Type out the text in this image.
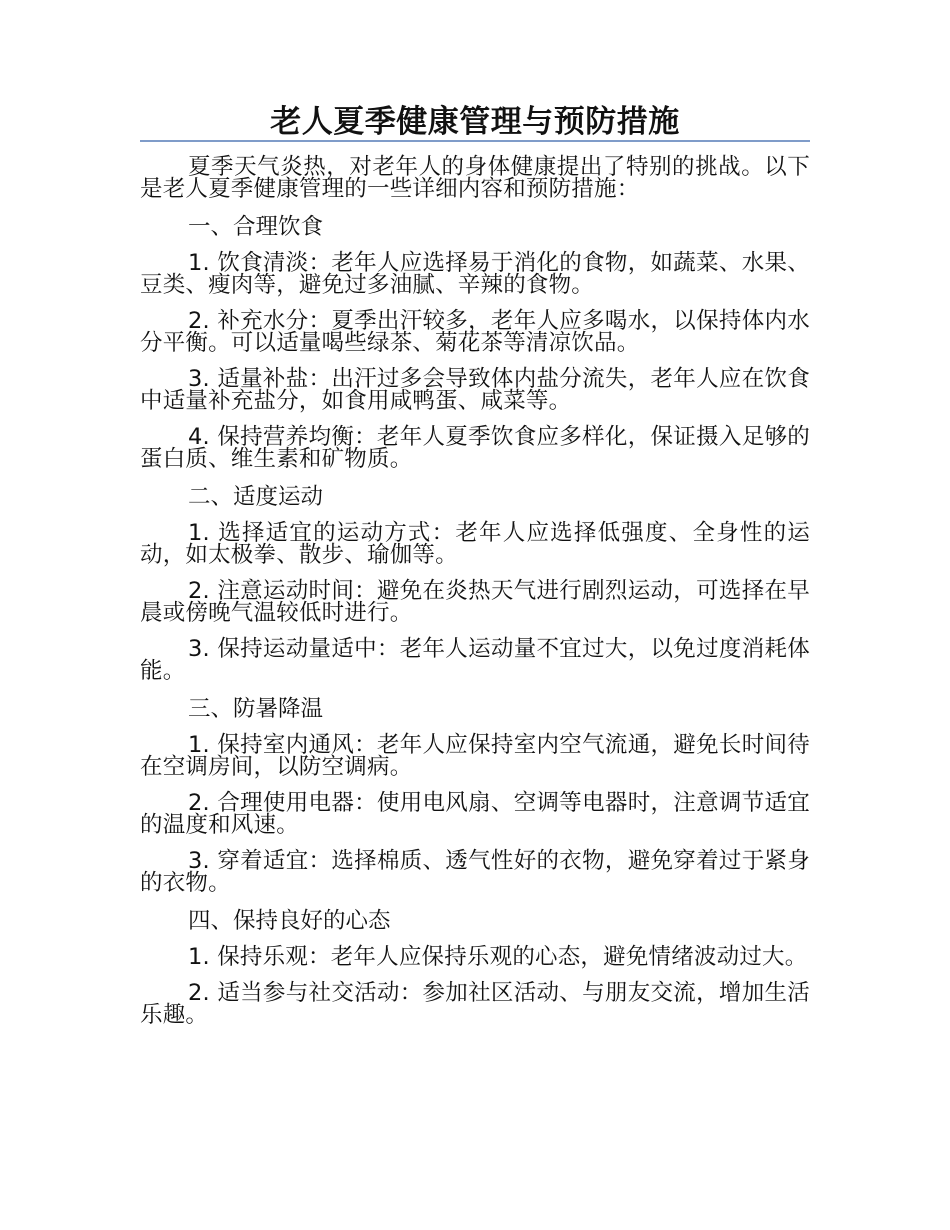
老人夏季健康管理与预防措施

夏季天气炎热，对老年人的身体健康提出了特别的挑战。以下是老人夏季健康管理的一些详细内容和预防措施：

一、合理饮食

1. 饮食清淡：老年人应选择易于消化的食物，如蔬菜、水果、豆类、瘦肉等，避免过多油腻、辛辣的食物。

2. 补充水分：夏季出汗较多，老年人应多喝水，以保持体内水分平衡。可以适量喝些绿茶、菊花茶等清凉饮品。

3. 适量补盐：出汗过多会导致体内盐分流失，老年人应在饮食中适量补充盐分，如食用咸鸭蛋、咸菜等。

4. 保持营养均衡：老年人夏季饮食应多样化，保证摄入足够的蛋白质、维生素和矿物质。

二、适度运动

1. 选择适宜的运动方式：老年人应选择低强度、全身性的运动，如太极拳、散步、瑜伽等。

2. 注意运动时间：避免在炎热天气进行剧烈运动，可选择在早晨或傍晚气温较低时进行。

3. 保持运动量适中：老年人运动量不宜过大，以免过度消耗体能。

三、防暑降温

1. 保持室内通风：老年人应保持室内空气流通，避免长时间待在空调房间，以防空调病。

2. 合理使用电器：使用电风扇、空调等电器时，注意调节适宜的温度和风速。

3. 穿着适宜：选择棉质、透气性好的衣物，避免穿着过于紧身的衣物。

四、保持良好的心态

1. 保持乐观：老年人应保持乐观的心态，避免情绪波动过大。

2. 适当参与社交活动：参加社区活动、与朋友交流，增加生活乐趣。
